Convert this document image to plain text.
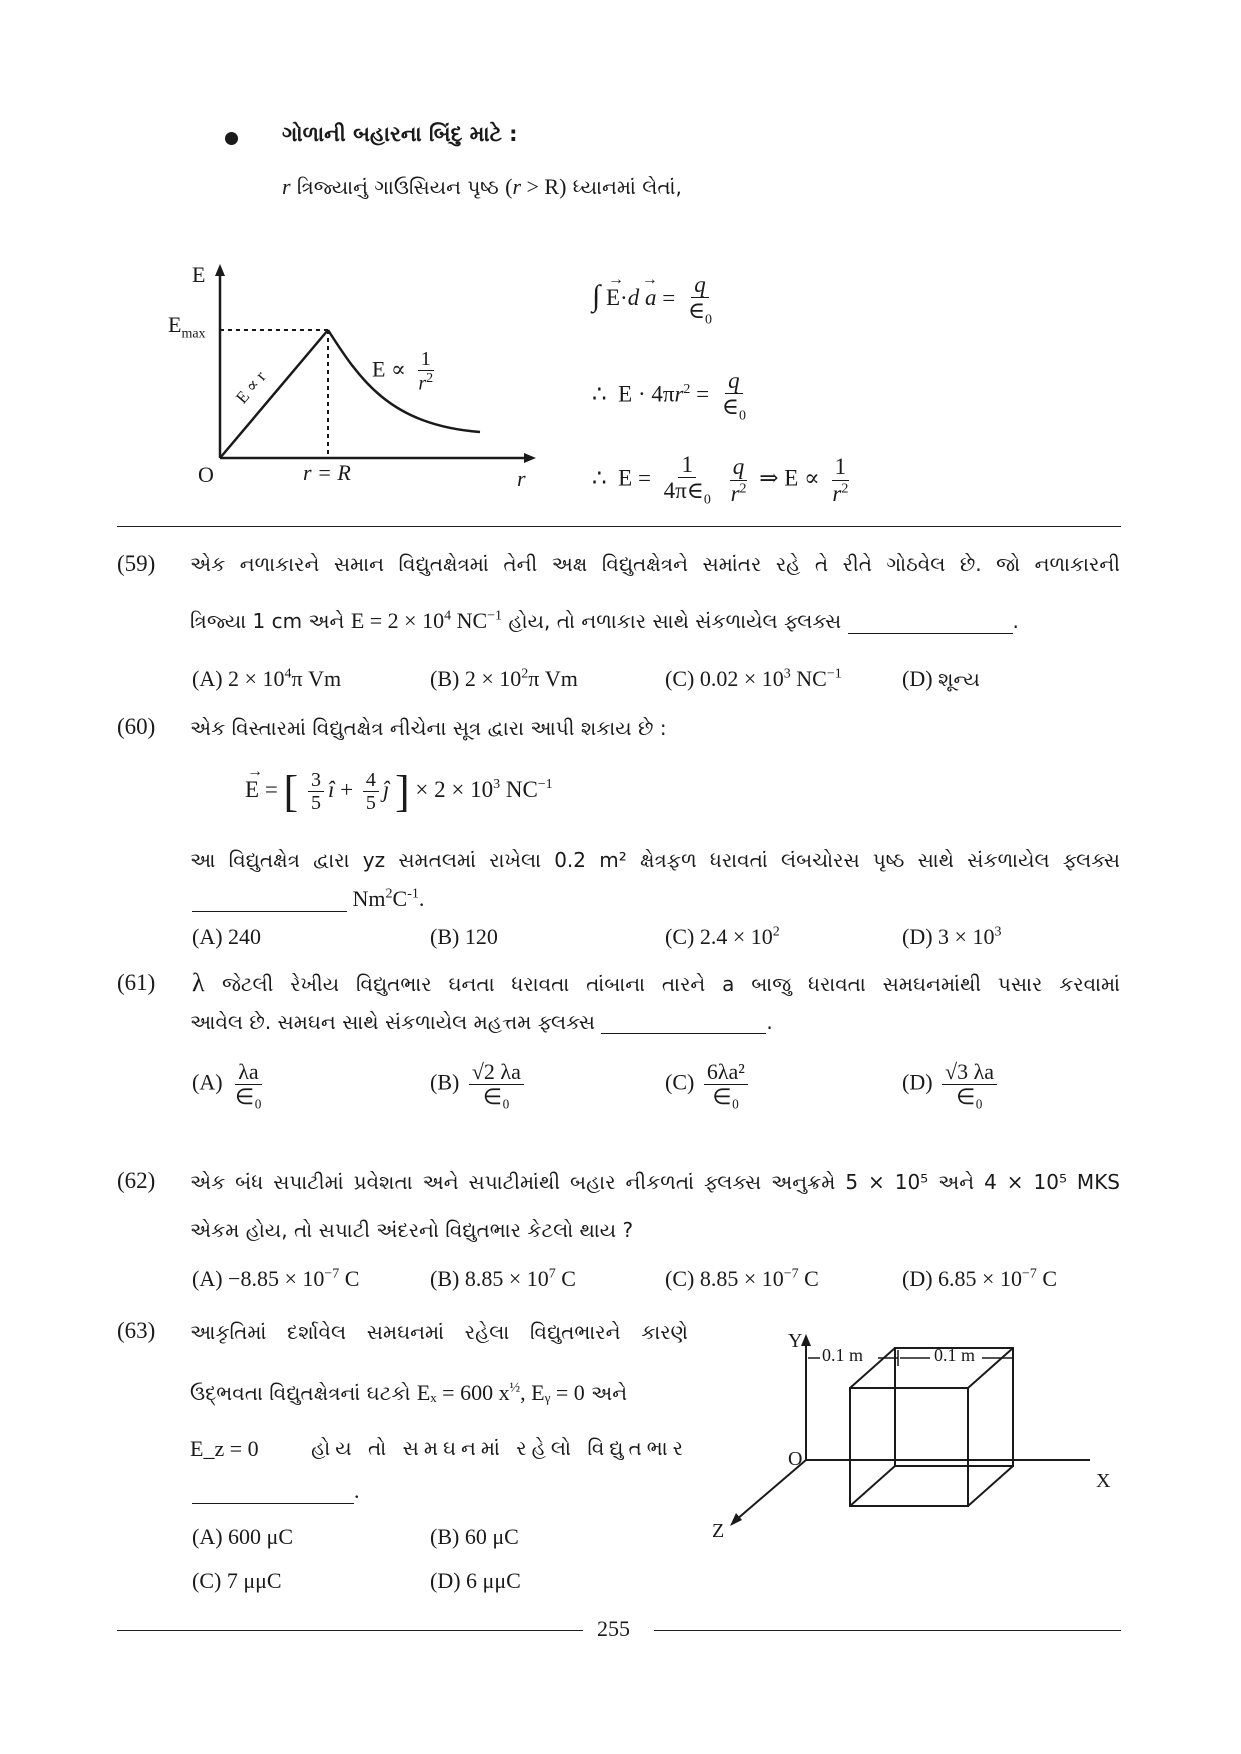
ગોળાની બહારના બિંદુ માટે :
r ત્રિજ્યાનું ગાઉસિયન પૃષ્ઠ (r > R) ધ્યાનમાં લેતાં,
E
$E_{max}$
O	r = R	r
E ∝ r	$E \propto \frac{1}{r^2}$
∫ E
→
·d a
→
= $\frac{q}{\in_0}$
∴ $E \cdot 4\pi r^2 = \frac{q}{\in_0}$
∴  $E = \frac{1}{4\pi\in_0}$
$\frac{q}{r^2}$ ⇒ $E \propto \frac{1}{r^2}$
(59) એક નળાકારને સમાન વિદ્યુતક્ષેત્રમાં તેની અક્ષ વિદ્યુતક્ષેત્રને સમાંતર રહે તે રીતે ગોઠવેલ છે. જો નળાકારની
ત્રિજ્યા 1 cm અને $E = 2 \times 10^4$ $NC^{-1}$ હોય, તો નળાકાર સાથે સંકળાયેલ ફ્લક્સ	.
(A) $2 \times 10^4\pi$ Vm	(B) $2 \times 10^2\pi$ Vm	(C) $0.02 \times 10^3$ $NC^{-1}$	(D) શૂન્ય
(60) એક વિસ્તારમાં વિદ્યુતક્ષેત્ર નીચેના સૂત્ર દ્વારા આપી શકાય છે :
E
→
= [ $\frac{3}{5}$ î + $\frac{4}{5}$ ĵ ] × $2 \times 10^3$ $NC^{-1}$
આ વિદ્યુતક્ષેત્ર દ્વારા yz સમતલમાં રાખેલા 0.2 m² ક્ષેત્રફળ ધરાવતાં લંબચોરસ પૃષ્ઠ સાથે સંકળાયેલ ફ્લક્સ
$Nm^2C^{-1}$.
(A) 240	(B) 120	(C) $2.4 \times 10^2$	(D) $3 \times 10^3$
(61) λ જેટલી રેખીય વિદ્યુતભાર ઘનતા ધરાવતા તાંબાના તારને a બાજુ ધરાવતા સમઘનમાંથી પસાર કરવામાં
આવેલ છે. સમઘન સાથે સંકળાયેલ મહત્તમ ફ્લક્સ	.
$(A) \frac{\lambda a}{\text{∈₀}}$	$(B) \frac{√2 \lambda a}{\text{∈₀}}$	$(C) \frac{\text{6λa²}}{\text{∈₀}}$	$(D) \frac{√3 \lambda a}{\text{∈₀}}$
(62) એક બંધ સપાટીમાં પ્રવેશતા અને સપાટીમાંથી બહાર નીકળતાં ફ્લક્સ અનુક્રમે 5 × 10⁵ અને 4 × 10⁵ MKS
એકમ હોય, તો સપાટી અંદરનો વિદ્યુતભાર કેટલો થાય ?
$(A) -8.85 \times 10^{-7}$ C	(B) $8.85 \times 10^7$ C	(C) $8.85 \times 10^{-7}$ C	(D) $6.85 \times 10^{-7}$ C
(63) આકૃતિમાં દર્શાવેલ સમઘનમાં રહેલા વિદ્યુતભારને કારણે
ઉદ્ભવતા વિદ્યુતક્ષેત્રનાં ઘટકો Eₓ = 600 $x^{\frac{1}{2}}$, Eᵧ = 0 અને
E_z = 0	હોય તો સમઘનમાં રહેલો વિદ્યુતભાર
.
(A) 600 μC	(B) 60 μC
(C) 7 μμC	(D) 6 μμC
Y
O
X
Z
0.1 m	0.1 m
255
